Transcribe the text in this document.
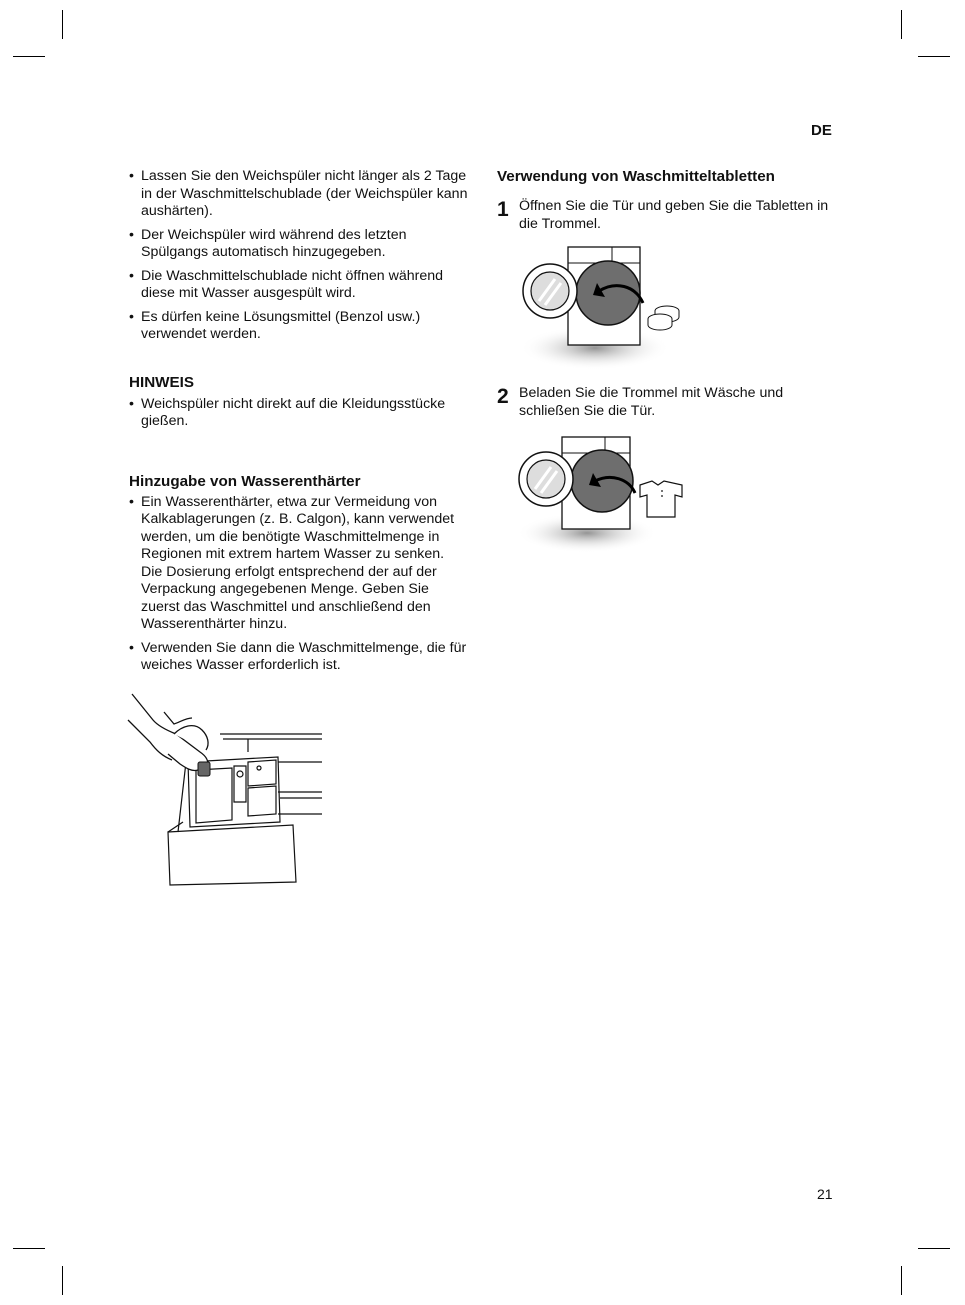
DE
21
• Lassen Sie den Weichspüler nicht länger als 2 Tage in der Waschmittelschublade (der Weichspüler kann aushärten).
• Der Weichspüler wird während des letzten Spülgangs automatisch hinzugegeben.
• Die Waschmittelschublade nicht öffnen während diese mit Wasser ausgespült wird.
• Es dürfen keine Lösungsmittel (Benzol usw.) verwendet werden.
HINWEIS
• Weichspüler nicht direkt auf die Kleidungsstücke gießen.
Hinzugabe von Wasserenthärter
• Ein Wasserenthärter, etwa zur Vermeidung von Kalkablagerungen (z. B. Calgon), kann verwendet werden, um die benötigte Waschmittelmenge in Regionen mit extrem hartem Wasser zu senken. Die Dosierung erfolgt entsprechend der auf der Verpackung angegebenen Menge. Geben Sie zuerst das Waschmittel und anschließend den Wasserenthärter hinzu.
• Verwenden Sie dann die Waschmittelmenge, die für weiches Wasser erforderlich ist.
Verwendung von Waschmitteltabletten
1 Öffnen Sie die Tür und geben Sie die Tabletten in die Trommel.
2 Beladen Sie die Trommel mit Wäsche und schließen Sie die Tür.
